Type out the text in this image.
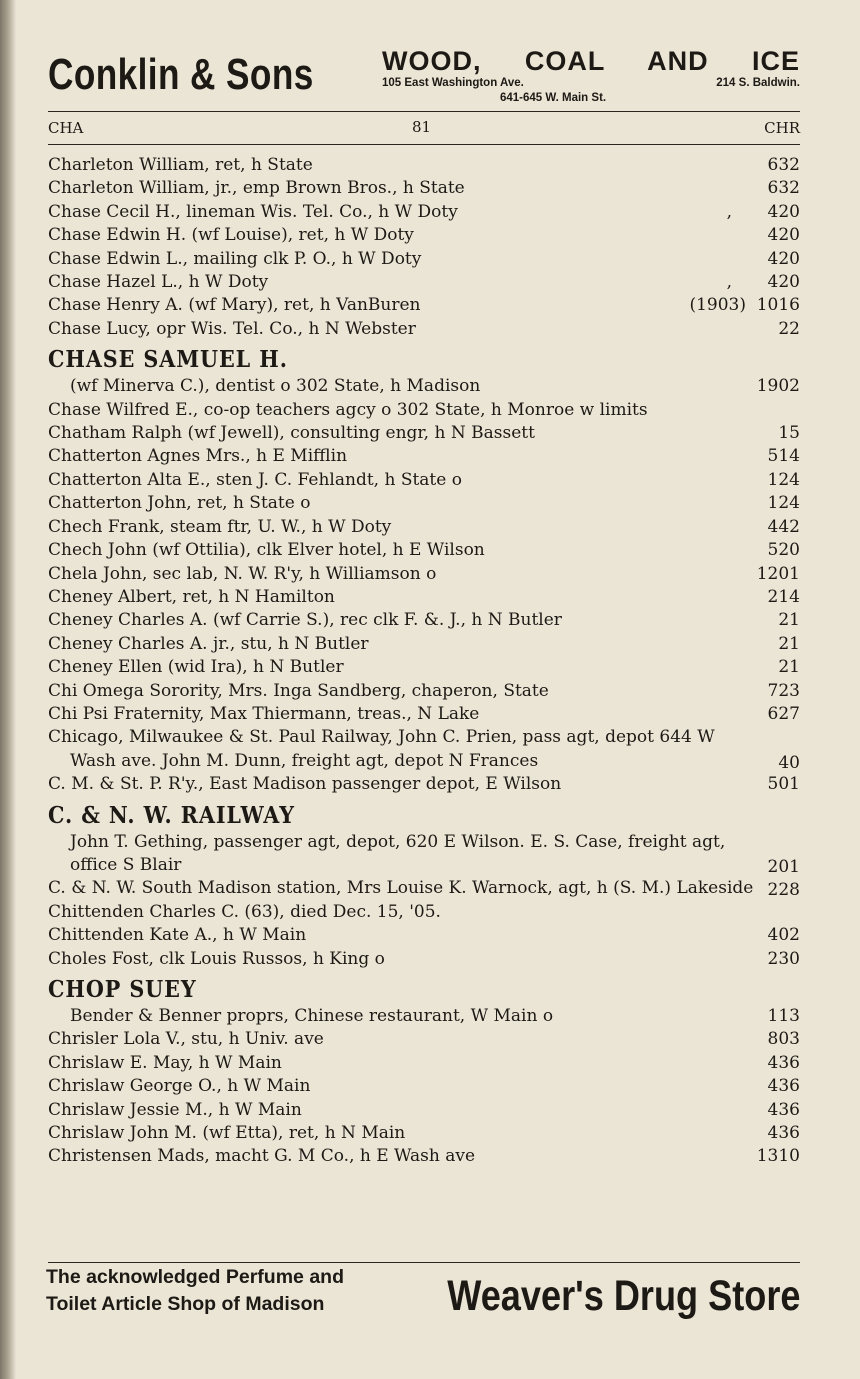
Conklin & Sons	WOOD, COAL AND ICE
105 East Washington Ave.	214 S. Baldwin.
641-645 W. Main St.
CHA	81	CHR
Charleton William, ret, h State	632
Charleton William, jr., emp Brown Bros., h State	632
Chase Cecil H., lineman Wis. Tel. Co., h W Doty	,	420
Chase Edwin H. (wf Louise), ret, h W Doty	420
Chase Edwin L., mailing clk P. O., h W Doty	420
Chase Hazel L., h W Doty	,	420
Chase Henry A. (wf Mary), ret, h VanBuren	(1903) 1016
Chase Lucy, opr Wis. Tel. Co., h N Webster	22
CHASE SAMUEL H.
(wf Minerva C.), dentist o 302 State, h Madison	1902
Chase Wilfred E., co-op teachers agcy o 302 State, h Monroe w limits
Chatham Ralph (wf Jewell), consulting engr, h N Bassett	15
Chatterton Agnes Mrs., h E Mifflin	514
Chatterton Alta E., sten J. C. Fehlandt, h State o	124
Chatterton John, ret, h State o	124
Chech Frank, steam ftr, U. W., h W Doty	442
Chech John (wf Ottilia), clk Elver hotel, h E Wilson	520
Chela John, sec lab, N. W. R'y, h Williamson o	1201
Cheney Albert, ret, h N Hamilton	214
Cheney Charles A. (wf Carrie S.), rec clk F. &. J., h N Butler	21
Cheney Charles A. jr., stu, h N Butler	21
Cheney Ellen (wid Ira), h N Butler	21
Chi Omega Sorority, Mrs. Inga Sandberg, chaperon, State	723
Chi Psi Fraternity, Max Thiermann, treas., N Lake	627
Chicago, Milwaukee & St. Paul Railway, John C. Prien, pass agt, depot 644 W Wash ave. John M. Dunn, freight agt, depot N Frances	40
C. M. & St. P. R'y., East Madison passenger depot, E Wilson	501
C. & N. W. RAILWAY
John T. Gething, passenger agt, depot, 620 E Wilson. E. S. Case, freight agt, office S Blair	201
C. & N. W. South Madison station, Mrs Louise K. Warnock, agt, h (S. M.) Lakeside 228
Chittenden Charles C. (63), died Dec. 15, '05.
Chittenden Kate A., h W Main	402
Choles Fost, clk Louis Russos, h King o	230
CHOP SUEY
Bender & Benner proprs, Chinese restaurant, W Main o	113
Chrisler Lola V., stu, h Univ. ave	803
Chrislaw E. May, h W Main	436
Chrislaw George O., h W Main	436
Chrislaw Jessie M., h W Main	436
Chrislaw John M. (wf Etta), ret, h N Main	436
Christensen Mads, macht G. M Co., h E Wash ave	1310
The acknowledged Perfume and
Toilet Article Shop of Madison	Weaver's Drug Store
